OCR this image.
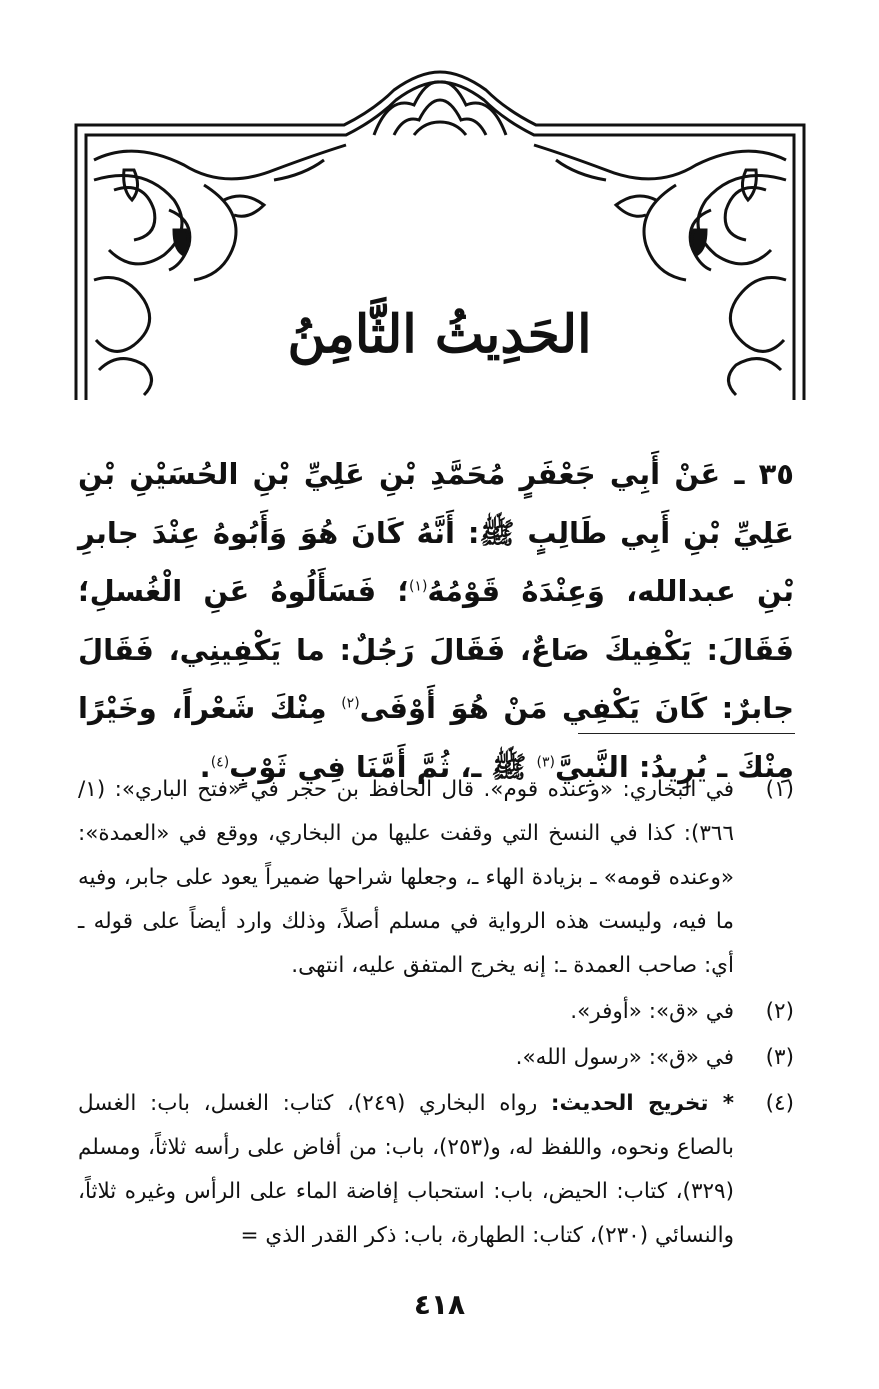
الحَدِيثُ الثَّامِنُ

٣٥ ـ عَنْ أَبِي جَعْفَرٍ مُحَمَّدِ بْنِ عَلِيِّ بْنِ الحُسَيْنِ بْنِ عَلِيِّ بْنِ أَبِي طَالِبٍ ﷺ: أَنَّهُ كَانَ هُوَ وَأَبُوهُ عِنْدَ جابرِ بْنِ عبدالله، وَعِنْدَهُ قَوْمُهُ$^{(١)}$؛ فَسَأَلُوهُ عَنِ الْغُسلِ؛ فَقَالَ: يَكْفِيكَ صَاعٌ، فَقَالَ رَجُلٌ: ما يَكْفِينِي، فَقَالَ جابرٌ: كَانَ يَكْفِي مَنْ هُوَ أَوْفَى$^{(٢)}$ مِنْكَ شَعْراً، وخَيْرًا مِنْكَ ـ يُرِيدُ: النَّبِيَّ$^{(٣)}$ ﷺ ـ، ثُمَّ أَمَّنَا فِي ثَوْبٍ$^{(٤)}$.

(١)
في البخاري: «وعنده قوم». قال الحافظ بن حجر في «فتح الباري»: (١/ ٣٦٦): كذا في النسخ التي وقفت عليها من البخاري، ووقع في «العمدة»: «وعنده قومه» ـ بزيادة الهاء ـ، وجعلها شراحها ضميراً يعود على جابر، وفيه ما فيه، وليست هذه الرواية في مسلم أصلاً، وذلك وارد أيضاً على قوله ـ أي: صاحب العمدة ـ: إنه يخرج المتفق عليه، انتهى.
(٢)
في «ق»: «أوفر».
(٣)
في «ق»: «رسول الله».
(٤)
* تخريج الحديث: رواه البخاري (٢٤٩)، كتاب: الغسل، باب: الغسل بالصاع ونحوه، واللفظ له، و(٢٥٣)، باب: من أفاض على رأسه ثلاثاً، ومسلم (٣٢٩)، كتاب: الحيض، باب: استحباب إفاضة الماء على الرأس وغيره ثلاثاً، والنسائي (٢٣٠)، كتاب: الطهارة، باب: ذكر القدر الذي =
٤١٨
